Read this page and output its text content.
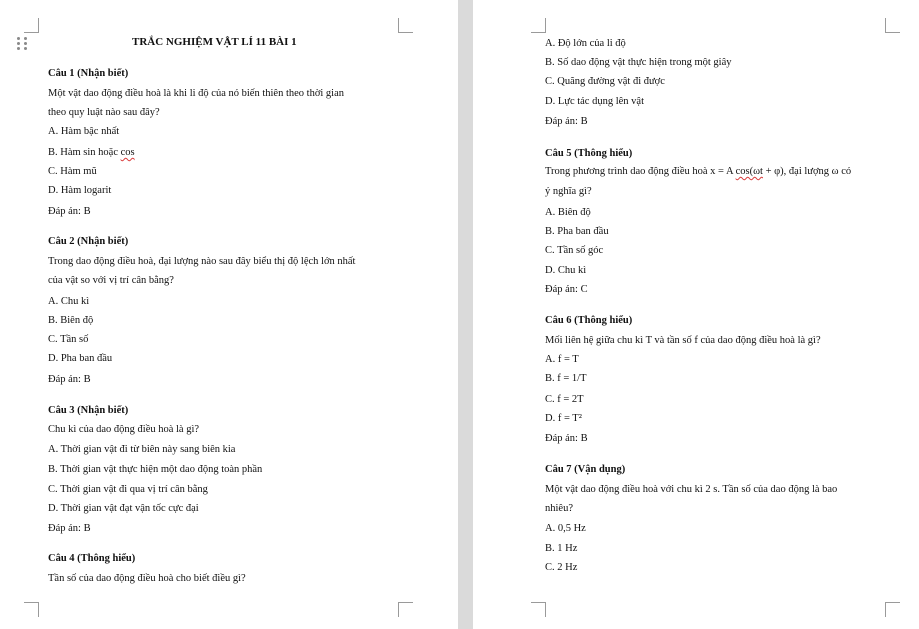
TRẮC NGHIỆM VẬT LÍ 11 BÀI 1
Câu 1 (Nhận biết)
Một vật dao động điều hoà là khi li độ của nó biến thiên theo thời gian
theo quy luật nào sau đây?
A. Hàm bậc nhất
B. Hàm sin hoặc cos
C. Hàm mũ
D. Hàm logarit
Đáp án: B
Câu 2 (Nhận biết)
Trong dao động điều hoà, đại lượng nào sau đây biểu thị độ lệch lớn nhất
của vật so với vị trí cân bằng?
A. Chu kì
B. Biên độ
C. Tần số
D. Pha ban đầu
Đáp án: B
Câu 3 (Nhận biết)
Chu kì của dao động điều hoà là gì?
A. Thời gian vật đi từ biên này sang biên kia
B. Thời gian vật thực hiện một dao động toàn phần
C. Thời gian vật đi qua vị trí cân bằng
D. Thời gian vật đạt vận tốc cực đại
Đáp án: B
Câu 4 (Thông hiểu)
Tần số của dao động điều hoà cho biết điều gì?
A. Độ lớn của li độ
B. Số dao động vật thực hiện trong một giây
C. Quãng đường vật đi được
D. Lực tác dụng lên vật
Đáp án: B
Câu 5 (Thông hiểu)
Trong phương trình dao động điều hoà x = A cos(ωt + φ), đại lượng ω có
ý nghĩa gì?
A. Biên độ
B. Pha ban đầu
C. Tần số góc
D. Chu kì
Đáp án: C
Câu 6 (Thông hiểu)
Mối liên hệ giữa chu kì T và tần số f của dao động điều hoà là gì?
A. f = T
B. f = 1/T
C. f = 2T
D. f = T²
Đáp án: B
Câu 7 (Vận dụng)
Một vật dao động điều hoà với chu kì 2 s. Tần số của dao động là bao
nhiêu?
A. 0,5 Hz
B. 1 Hz
C. 2 Hz
